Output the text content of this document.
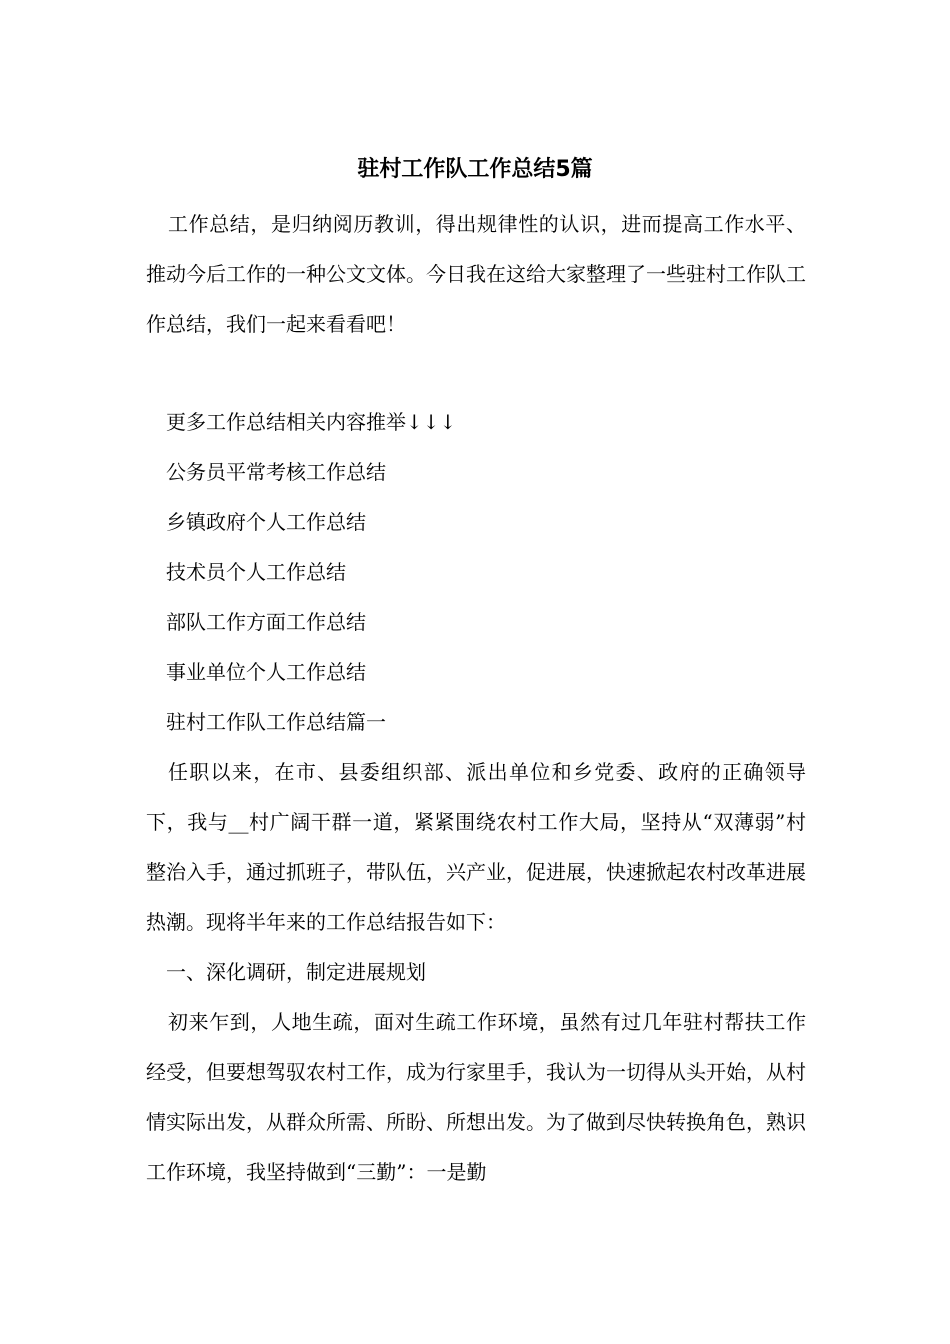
驻村工作队工作总结5篇

工作总结，是归纳阅历教训，得出规律性的认识，进而提高工作水平、推动今后工作的一种公文文体。今日我在这给大家整理了一些驻村工作队工作总结，我们一起来看看吧！

更多工作总结相关内容推举↓↓↓

公务员平常考核工作总结

乡镇政府个人工作总结

技术员个人工作总结

部队工作方面工作总结

事业单位个人工作总结

驻村工作队工作总结篇一

任职以来，在市、县委组织部、派出单位和乡党委、政府的正确领导下，我与__村广阔干群一道，紧紧围绕农村工作大局，坚持从“双薄弱”村整治入手，通过抓班子，带队伍，兴产业，促进展，快速掀起农村改革进展热潮。现将半年来的工作总结报告如下：

一、深化调研，制定进展规划

初来乍到，人地生疏，面对生疏工作环境，虽然有过几年驻村帮扶工作经受，但要想驾驭农村工作，成为行家里手，我认为一切得从头开始，从村情实际出发，从群众所需、所盼、所想出发。为了做到尽快转换角色，熟识工作环境，我坚持做到“三勤”：一是勤
